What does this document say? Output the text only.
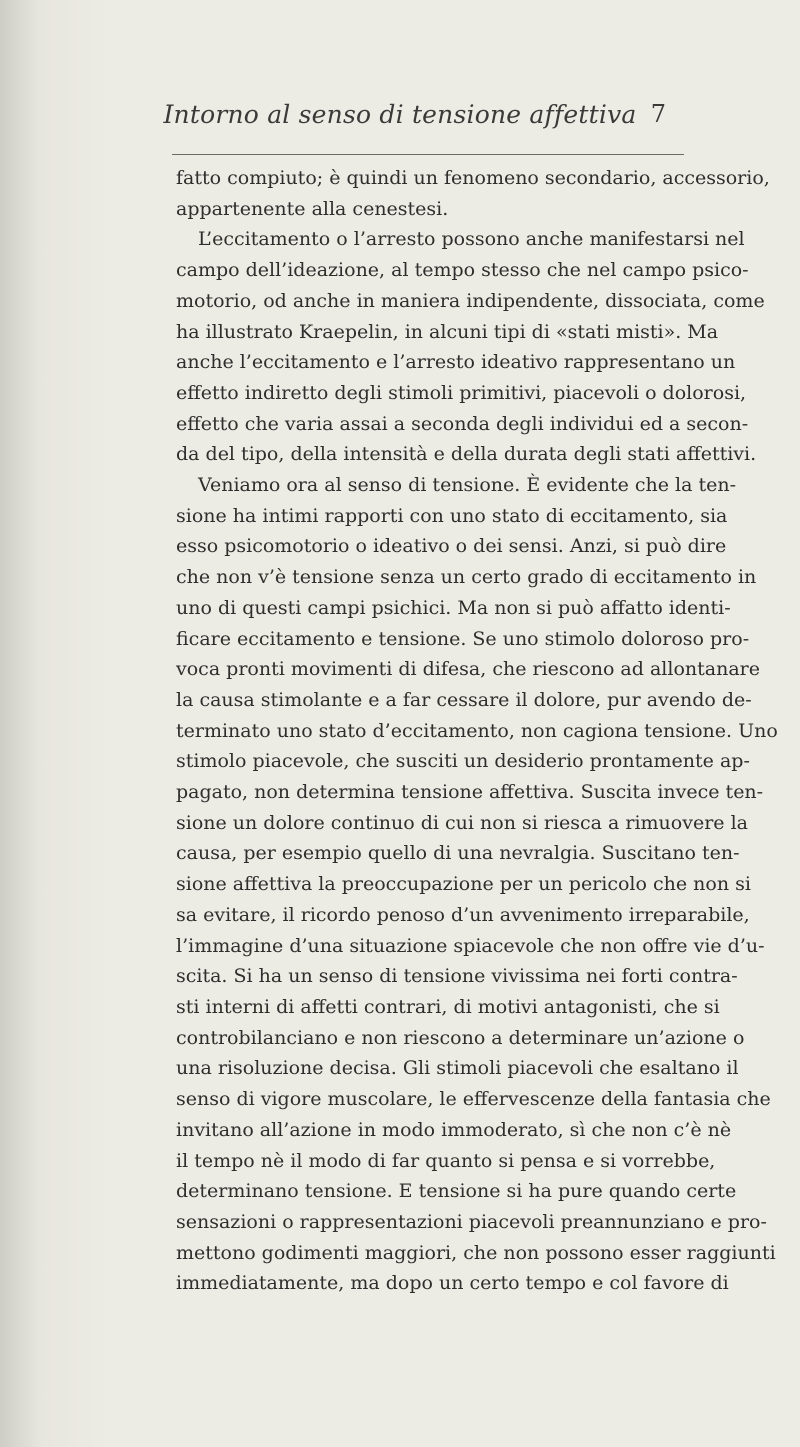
Intorno al senso di tensione affettiva 7
fatto compiuto; è quindi un fenomeno secondario, accessorio,
appartenente alla cenestesi.
L’eccitamento o l’arresto possono anche manifestarsi nel
campo dell’ideazione, al tempo stesso che nel campo psico-
motorio, od anche in maniera indipendente, dissociata, come
ha illustrato Kraepelin, in alcuni tipi di «stati misti». Ma
anche l’eccitamento e l’arresto ideativo rappresentano un
effetto indiretto degli stimoli primitivi, piacevoli o dolorosi,
effetto che varia assai a seconda degli individui ed a secon-
da del tipo, della intensità e della durata degli stati affettivi.
Veniamo ora al senso di tensione. È evidente che la ten-
sione ha intimi rapporti con uno stato di eccitamento, sia
esso psicomotorio o ideativo o dei sensi. Anzi, si può dire
che non v’è tensione senza un certo grado di eccitamento in
uno di questi campi psichici. Ma non si può affatto identi-
ficare eccitamento e tensione. Se uno stimolo doloroso pro-
voca pronti movimenti di difesa, che riescono ad allontanare
la causa stimolante e a far cessare il dolore, pur avendo de-
terminato uno stato d’eccitamento, non cagiona tensione. Uno
stimolo piacevole, che susciti un desiderio prontamente ap-
pagato, non determina tensione affettiva. Suscita invece ten-
sione un dolore continuo di cui non si riesca a rimuovere la
causa, per esempio quello di una nevralgia. Suscitano ten-
sione affettiva la preoccupazione per un pericolo che non si
sa evitare, il ricordo penoso d’un avvenimento irreparabile,
l’immagine d’una situazione spiacevole che non offre vie d’u-
scita. Si ha un senso di tensione vivissima nei forti contra-
sti interni di affetti contrari, di motivi antagonisti, che si
controbilanciano e non riescono a determinare un’azione o
una risoluzione decisa. Gli stimoli piacevoli che esaltano il
senso di vigore muscolare, le effervescenze della fantasia che
invitano all’azione in modo immoderato, sì che non c’è nè
il tempo nè il modo di far quanto si pensa e si vorrebbe,
determinano tensione. E tensione si ha pure quando certe
sensazioni o rappresentazioni piacevoli preannunziano e pro-
mettono godimenti maggiori, che non possono esser raggiunti
immediatamente, ma dopo un certo tempo e col favore di
